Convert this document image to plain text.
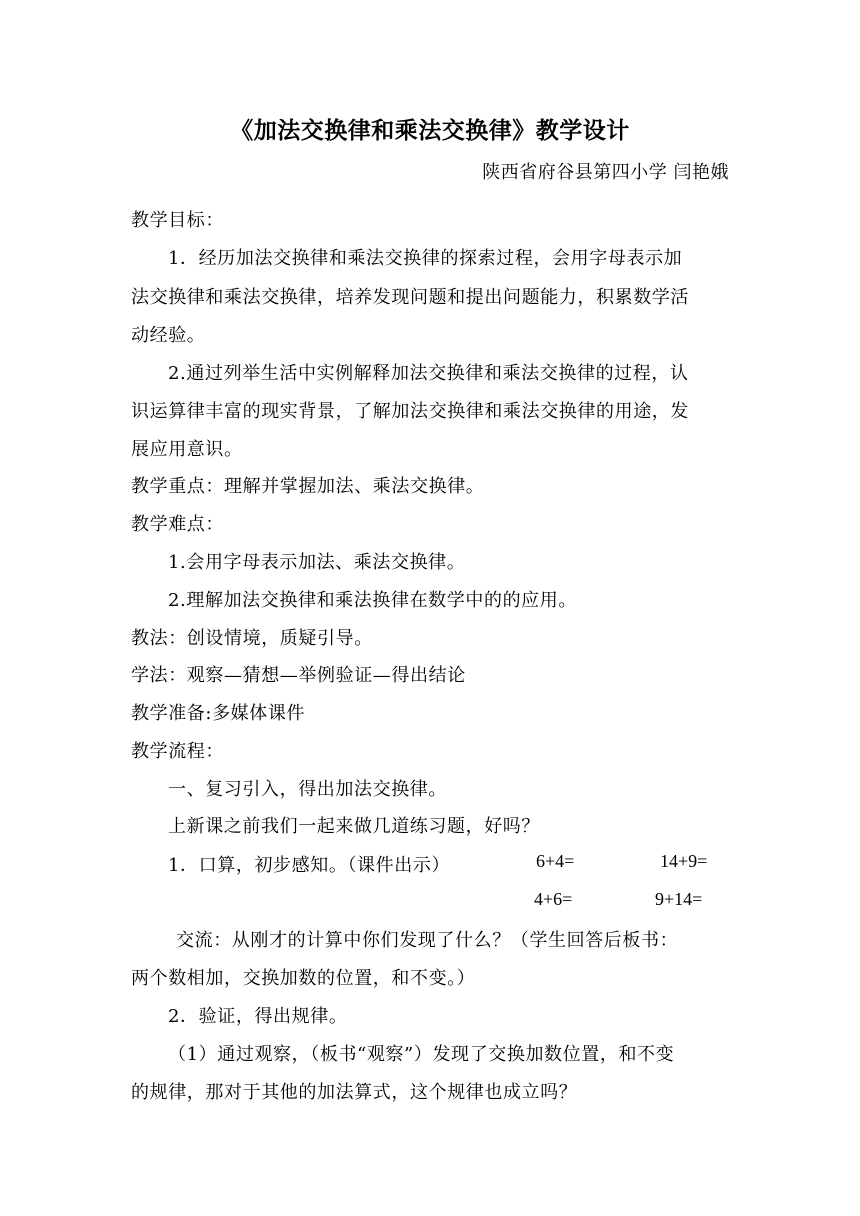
《加法交换律和乘法交换律》教学设计
陕西省府谷县第四小学 闫艳娥
教学目标：
1．经历加法交换律和乘法交换律的探索过程，会用字母表示加
法交换律和乘法交换律，培养发现问题和提出问题能力，积累数学活
动经验。
2.通过列举生活中实例解释加法交换律和乘法交换律的过程，认
识运算律丰富的现实背景，了解加法交换律和乘法交换律的用途，发
展应用意识。
教学重点：理解并掌握加法、乘法交换律。
教学难点：
1.会用字母表示加法、乘法交换律。
2.理解加法交换律和乘法换律在数学中的的应用。
教法：创设情境，质疑引导。
学法：观察—猜想—举例验证—得出结论
教学准备:多媒体课件
教学流程：
一、复习引入，得出加法交换律。
上新课之前我们一起来做几道练习题，好吗？
1．口算，初步感知。（课件出示）	6+4=	14+9=
4+6=	9+14=
交流：从刚才的计算中你们发现了什么？（学生回答后板书：
两个数相加，交换加数的位置，和不变。）
2．验证，得出规律。
（1）通过观察，（板书“观察”）发现了交换加数位置，和不变
的规律，那对于其他的加法算式，这个规律也成立吗？
